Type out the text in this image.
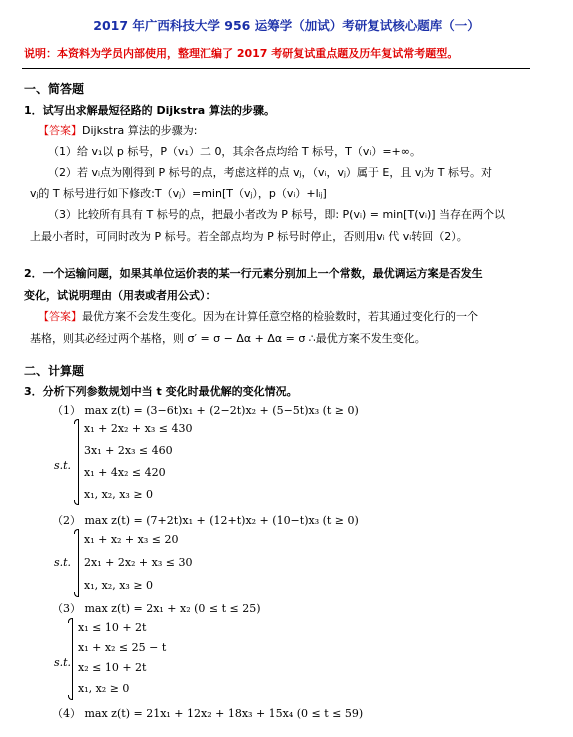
2017 年广西科技大学 956 运筹学（加试）考研复试核心题库（一）
说明：本资料为学员内部使用，整理汇编了 2017 考研复试重点题及历年复试常考题型。
一、简答题
1．试写出求解最短径路的 Dijkstra 算法的步骤。
【答案】Dijkstra 算法的步骤为:
（1）给 v₁以 p 标号，P（v₁）二 0，其余各点均给 T 标号，T（vᵢ）=+∞。
（2）若 vᵢ点为刚得到 P 标号的点，考虑这样的点 vⱼ，（vᵢ，vⱼ）属于 E，且 vⱼ为 T 标号。对
vⱼ的 T 标号进行如下修改:T（vⱼ）=min[T（vⱼ），p（vᵢ）+lᵢⱼ]
（3）比较所有具有 T 标号的点，把最小者改为 P 标号，即: P(vᵢ) = min[T(vᵢ)] 当存在两个以
上最小者时，可同时改为 P 标号。若全部点均为 P 标号时停止，否则用vᵢ 代 vᵢ转回（2）。
2．一个运输问题，如果其单位运价表的某一行元素分别加上一个常数，最优调运方案是否发生
变化，试说明理由（用表或者用公式）：
【答案】最优方案不会发生变化。因为在计算任意空格的检验数时，若其通过变化行的一个
基格，则其必经过两个基格，则 σ′ = σ − Δα + Δα = σ ∴最优方案不发生变化。
二、计算题
3．分析下列参数规划中当 t 变化时最优解的变化情况。
（1） max z(t) = (3−6t)x₁ + (2−2t)x₂ + (5−5t)x₃ (t ≥ 0)
s.t.
x₁ + 2x₂ + x₃ ≤ 430
3x₁ + 2x₃ ≤ 460
x₁ + 4x₂ ≤ 420
x₁, x₂, x₃ ≥ 0
（2） max z(t) = (7+2t)x₁ + (12+t)x₂ + (10−t)x₃ (t ≥ 0)
s.t.
x₁ + x₂ + x₃ ≤ 20
2x₁ + 2x₂ + x₃ ≤ 30
x₁, x₂, x₃ ≥ 0
（3） max z(t) = 2x₁ + x₂ (0 ≤ t ≤ 25)
s.t.
x₁ ≤ 10 + 2t
x₁ + x₂ ≤ 25 − t
x₂ ≤ 10 + 2t
x₁, x₂ ≥ 0
（4） max z(t) = 21x₁ + 12x₂ + 18x₃ + 15x₄ (0 ≤ t ≤ 59)
